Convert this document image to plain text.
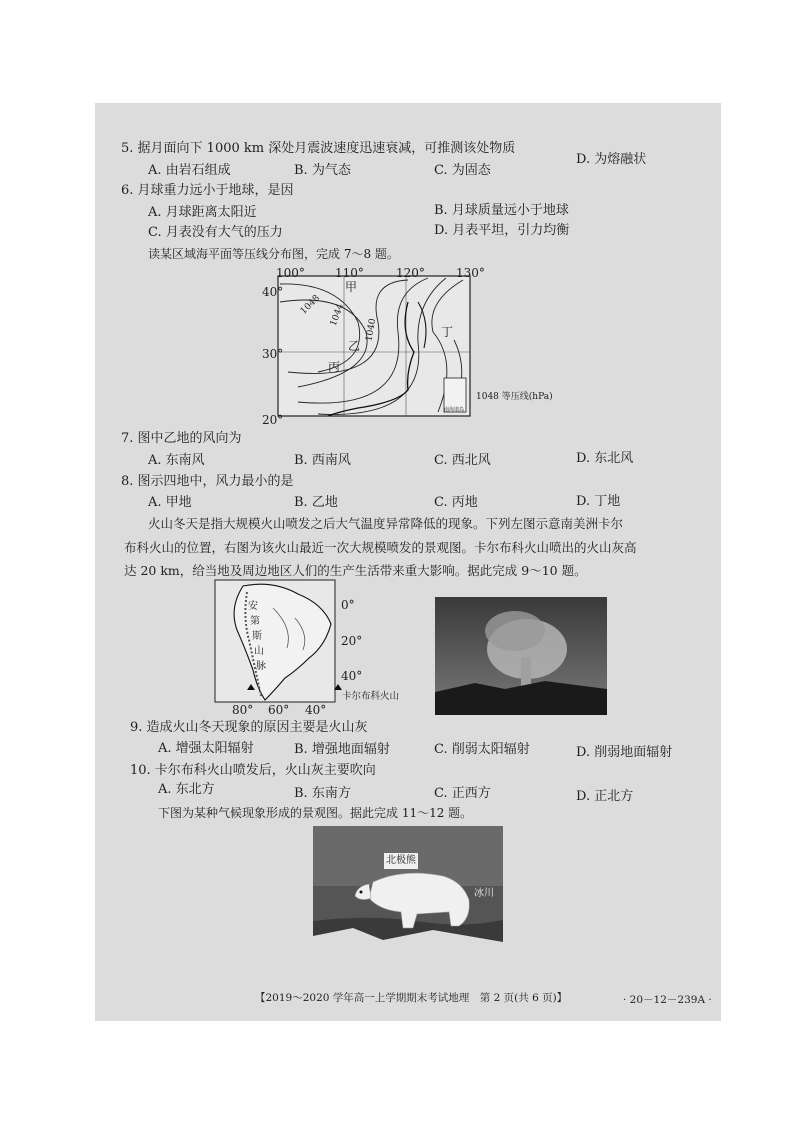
5. 据月面向下 1000 km 深处月震波速度迅速衰减，可推测该处物质
A. 由岩石组成	B. 为气态	C. 为固态
D. 为熔融状
6. 月球重力远小于地球，是因
A. 月球距离太阳近	B. 月球质量远小于地球
C. 月表没有大气的压力	D. 月表平坦，引力均衡
读某区域海平面等压线分布图，完成 7～8 题。
100°	110°	120°	130°
40°
30°
20°
1048 1044
1040
甲
乙
丙
丁
1048 等压线(hPa)
南海诸岛
7. 图中乙地的风向为
A. 东南风	B. 西南风	C. 西北风	D. 东北风
8. 图示四地中，风力最小的是
A. 甲地	B. 乙地	C. 丙地	D. 丁地
火山冬天是指大规模火山喷发之后大气温度异常降低的现象。下列左图示意南美洲卡尔
布科火山的位置，右图为该火山最近一次大规模喷发的景观图。卡尔布科火山喷出的火山灰高
达 20 km，给当地及周边地区人们的生产生活带来重大影响。据此完成 9～10 题。
0°
20°
40°
80° 60° 40°
安
第
斯
山
脉
卡尔布科火山
9. 造成火山冬天现象的原因主要是火山灰
A. 增强太阳辐射	B. 增强地面辐射	C. 削弱太阳辐射	D. 削弱地面辐射
10. 卡尔布科火山喷发后，火山灰主要吹向
A. 东北方	B. 东南方	C. 正西方	D. 正北方
下图为某种气候现象形成的景观图。据此完成 11～12 题。
北极熊
冰川
【2019～2020 学年高一上学期期末考试地理　第 2 页(共 6 页)】	· 20－12－239A ·
